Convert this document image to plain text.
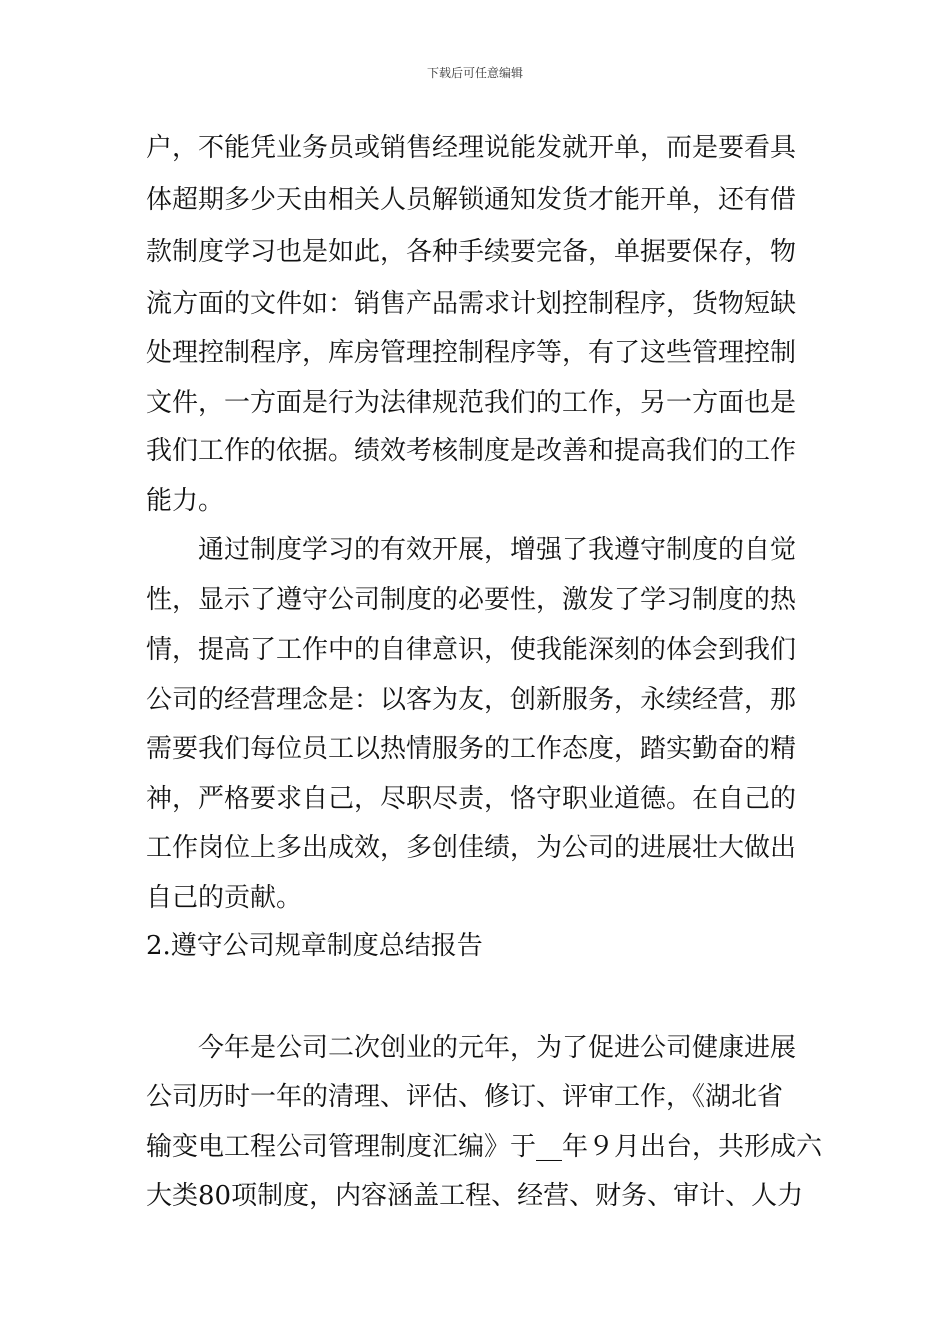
下载后可任意编辑
户，不能凭业务员或销售经理说能发就开单，而是要看具
体超期多少天由相关人员解锁通知发货才能开单，还有借
款制度学习也是如此，各种手续要完备，单据要保存，物
流方面的文件如：销售产品需求计划控制程序，货物短缺
处理控制程序，库房管理控制程序等，有了这些管理控制
文件，一方面是行为法律规范我们的工作，另一方面也是
我们工作的依据。绩效考核制度是改善和提高我们的工作
能力。
　　通过制度学习的有效开展，增强了我遵守制度的自觉
性，显示了遵守公司制度的必要性，激发了学习制度的热
情，提高了工作中的自律意识，使我能深刻的体会到我们
公司的经营理念是：以客为友，创新服务，永续经营，那
需要我们每位员工以热情服务的工作态度，踏实勤奋的精
神，严格要求自己，尽职尽责，恪守职业道德。在自己的
工作岗位上多出成效，多创佳绩，为公司的进展壮大做出
自己的贡献。
2.遵守公司规章制度总结报告
　　今年是公司二次创业的元年，为了促进公司健康进展
公司历时一年的清理、评估、修订、评审工作，《湖北省
输变电工程公司管理制度汇编》于__年９月出台，共形成六
大类80项制度，内容涵盖工程、经营、财务、审计、人力
